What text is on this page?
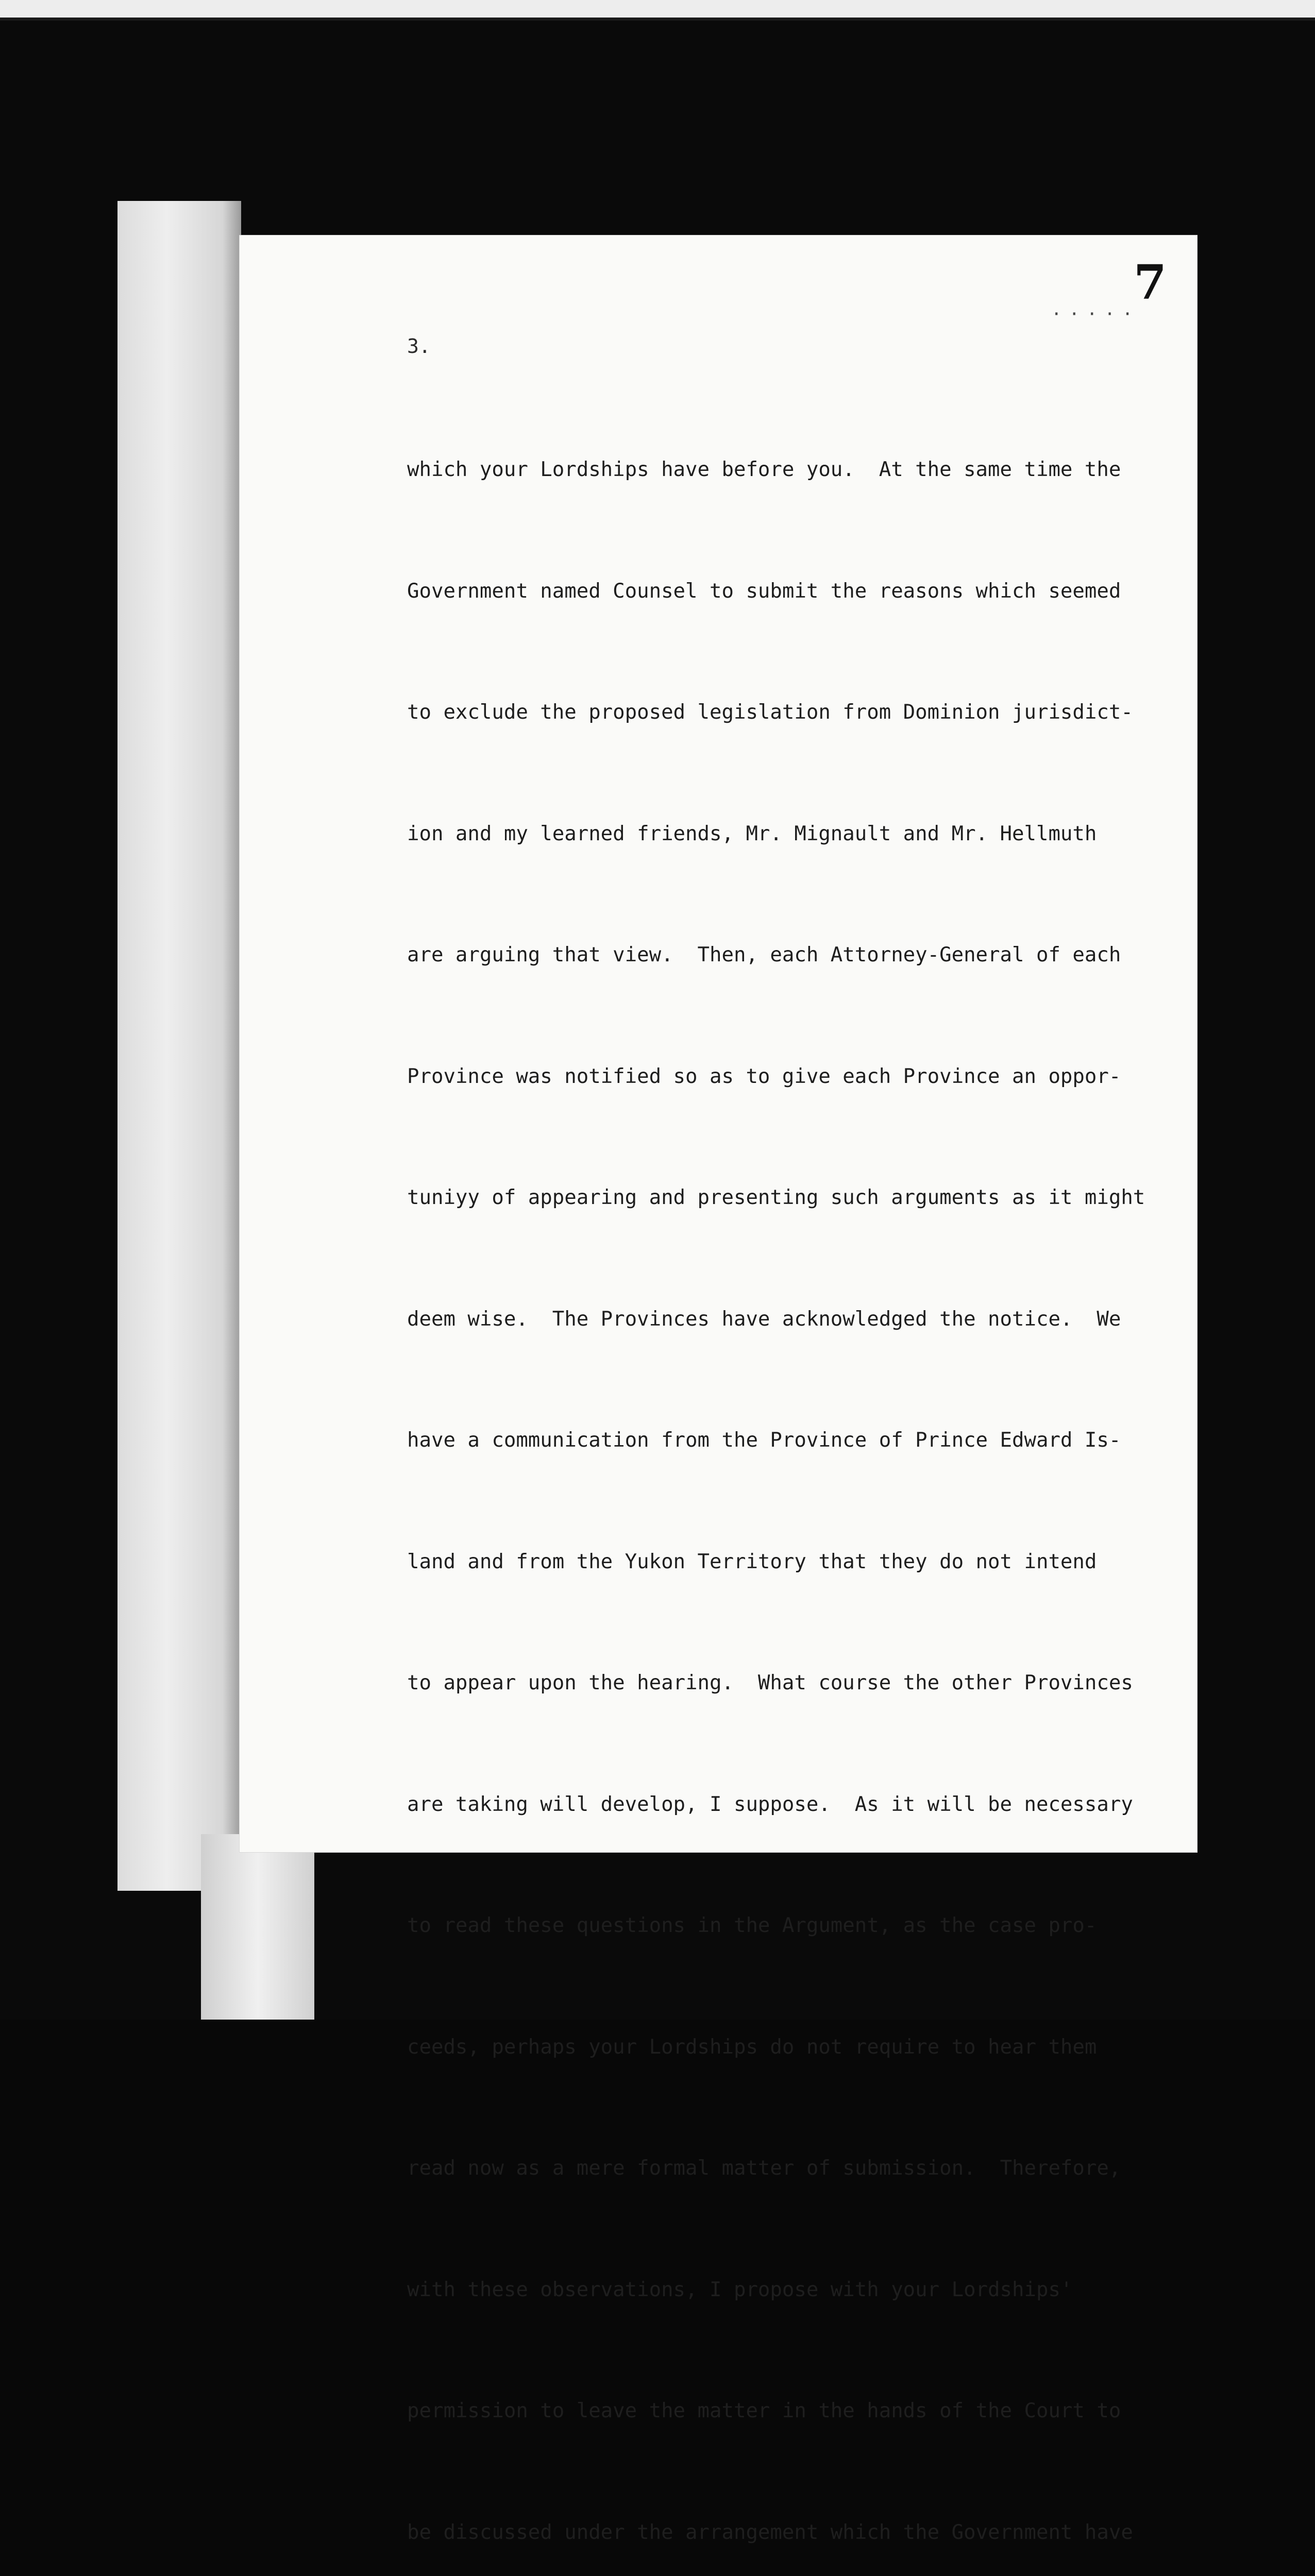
7
·····
3.

which your Lordships have before you.  At the same time the

Government named Counsel to submit the reasons which seemed

to exclude the proposed legislation from Dominion jurisdict-

ion and my learned friends, Mr. Mignault and Mr. Hellmuth

are arguing that view.  Then, each Attorney-General of each

Province was notified so as to give each Province an oppor-

tuniyy of appearing and presenting such arguments as it might

deem wise.  The Provinces have acknowledged the notice.  We

have a communication from the Province of Prince Edward Is-

land and from the Yukon Territory that they do not intend

to appear upon the hearing.  What course the other Provinces

are taking will develop, I suppose.  As it will be necessary

to read these questions in the Argument, as the case pro-

ceeds, perhaps your Lordships do not require to hear them

read now as a mere formal matter of submission.  Therefore,

with these observations, I propose with your Lordships'

permission to leave the matter in the hands of the Court to

be discussed under the arrangement which the Government have
